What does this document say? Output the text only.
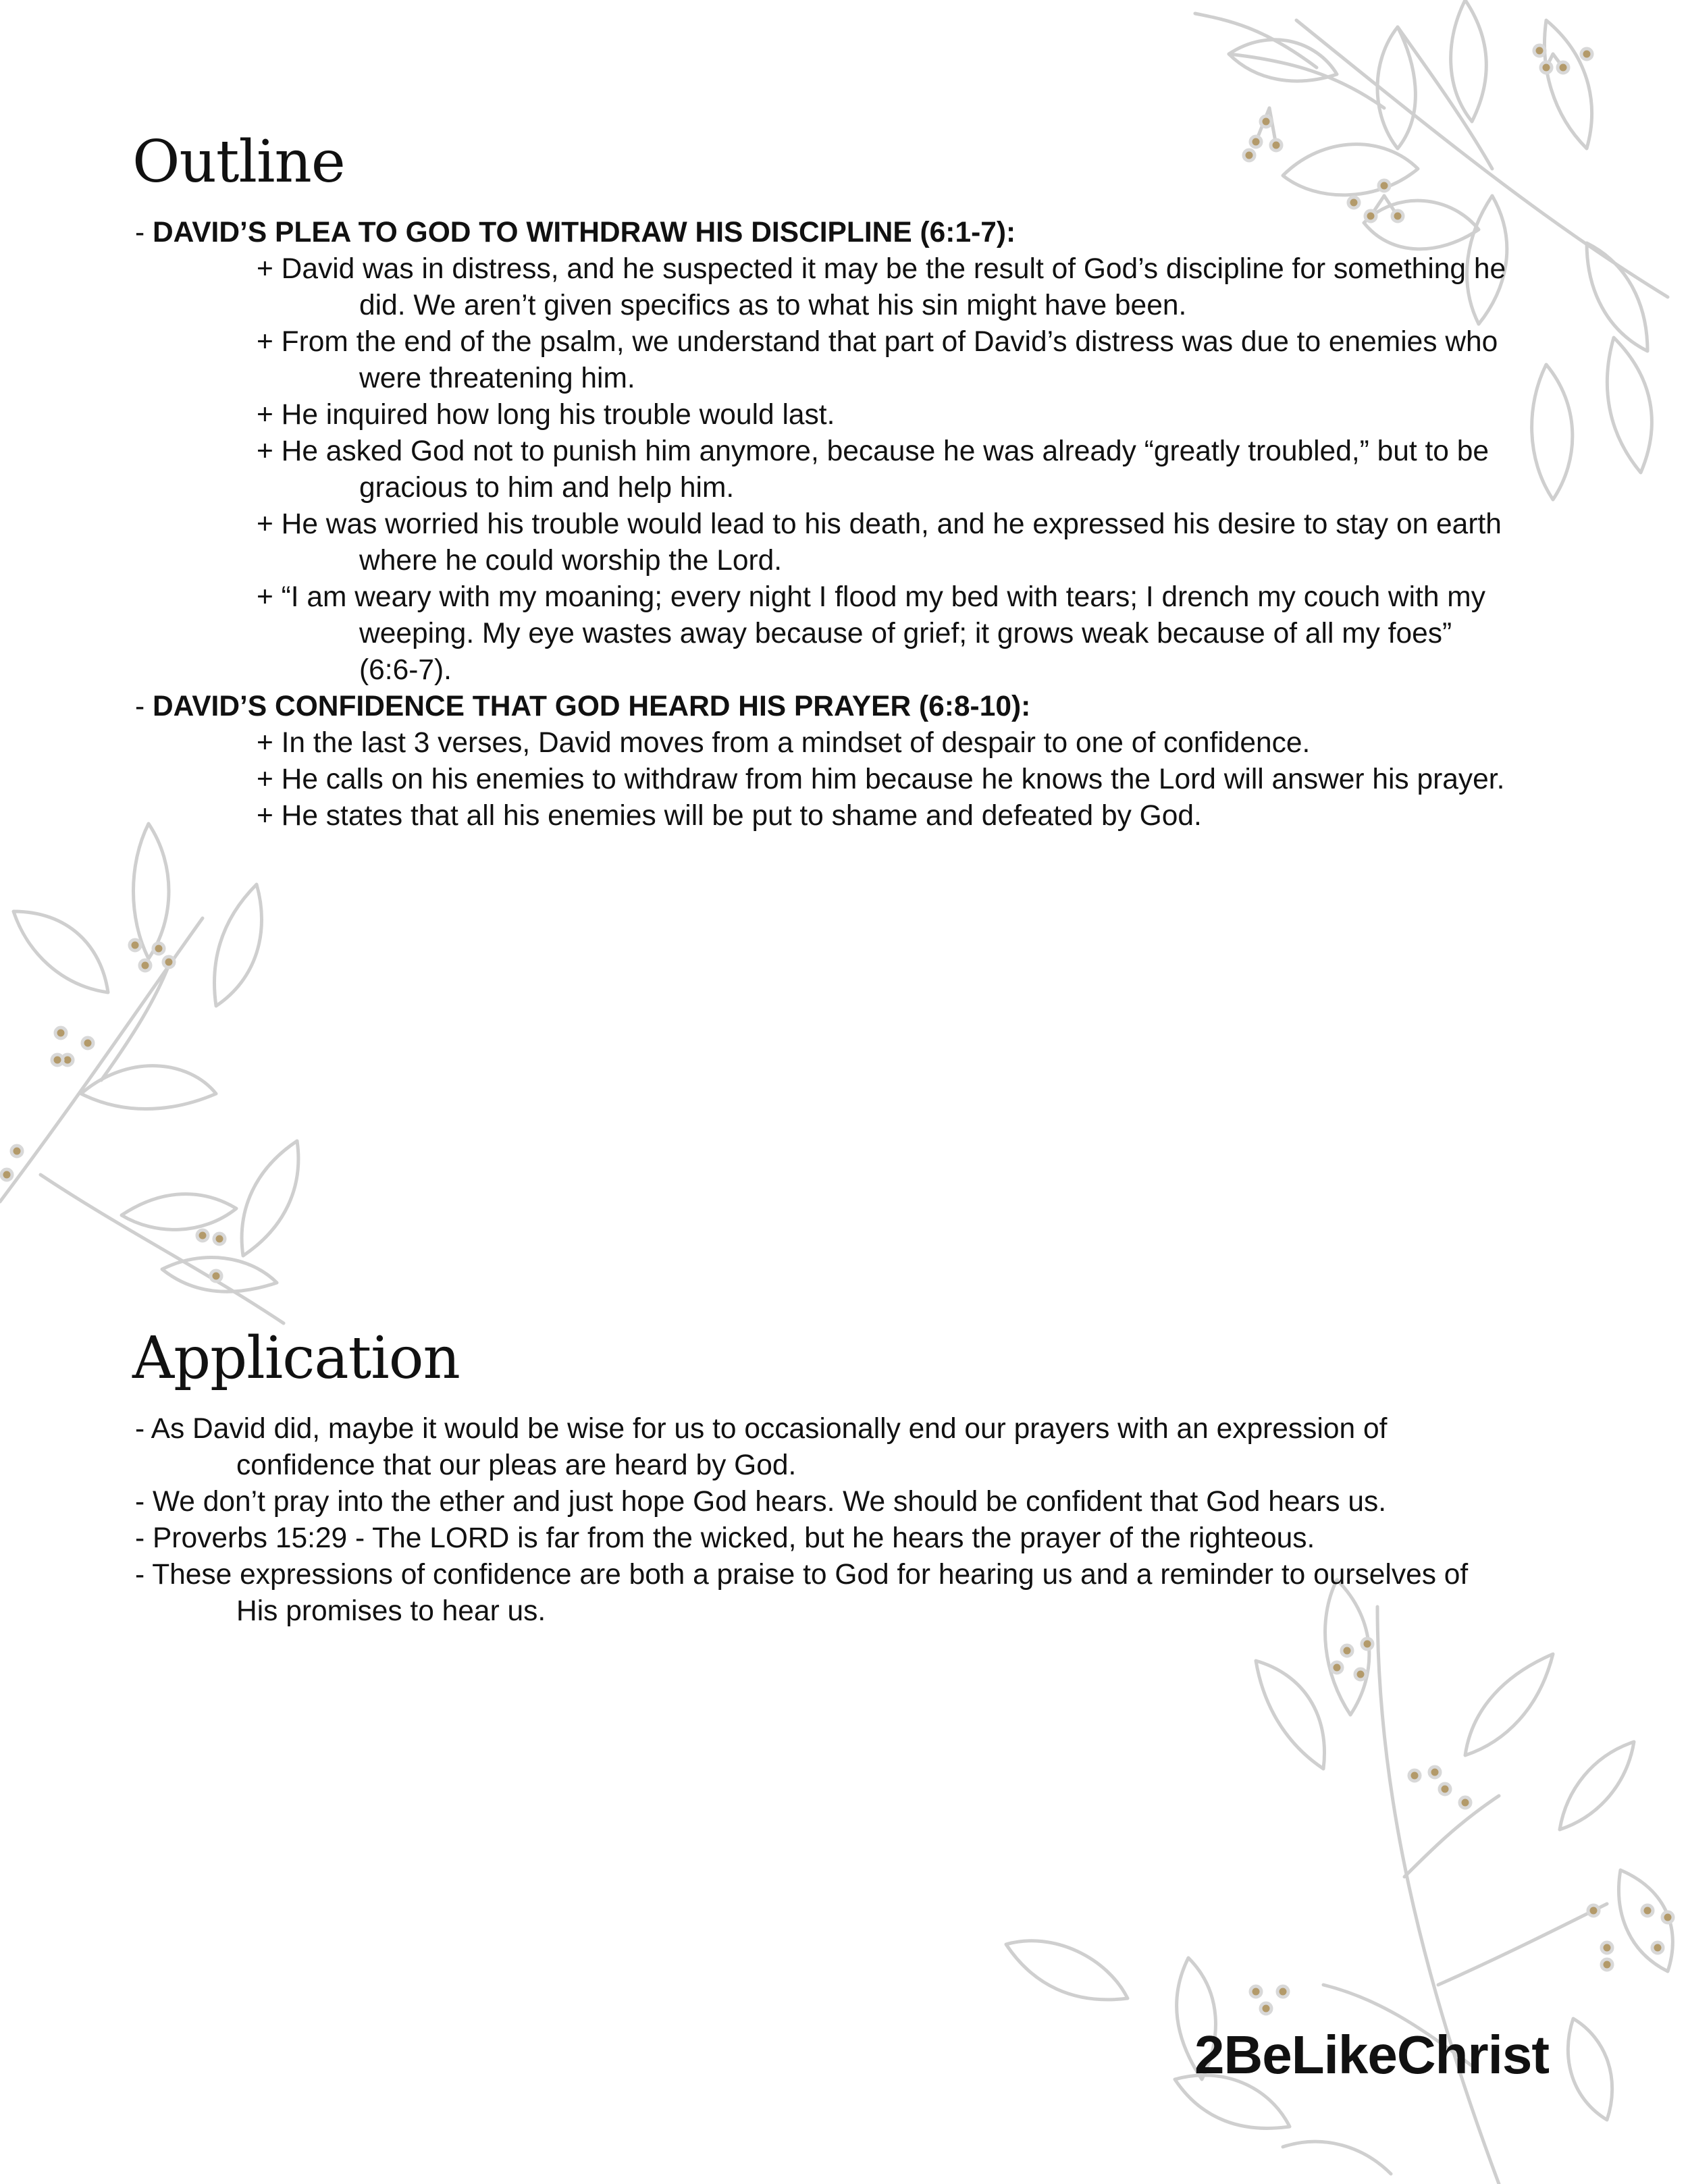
Outline

- DAVID’S PLEA TO GOD TO WITHDRAW HIS DISCIPLINE (6:1-7):

+ David was in distress, and he suspected it may be the result of God’s discipline for something he
did. We aren’t given specifics as to what his sin might have been.

+ From the end of the psalm, we understand that part of David’s distress was due to enemies who
were threatening him.

+ He inquired how long his trouble would last.

+ He asked God not to punish him anymore, because he was already “greatly troubled,” but to be
gracious to him and help him.

+ He was worried his trouble would lead to his death, and he expressed his desire to stay on earth
where he could worship the Lord.

+ “I am weary with my moaning; every night I flood my bed with tears; I drench my couch with my
weeping. My eye wastes away because of grief; it grows weak because of all my foes”
(6:6-7).

- DAVID’S CONFIDENCE THAT GOD HEARD HIS PRAYER (6:8-10):

+ In the last 3 verses, David moves from a mindset of despair to one of confidence.

+ He calls on his enemies to withdraw from him because he knows the Lord will answer his prayer.

+ He states that all his enemies will be put to shame and defeated by God.

Application

- As David did, maybe it would be wise for us to occasionally end our prayers with an expression of
confidence that our pleas are heard by God.

- We don’t pray into the ether and just hope God hears. We should be confident that God hears us.

- Proverbs 15:29 - The LORD is far from the wicked, but he hears the prayer of the righteous.

- These expressions of confidence are both a praise to God for hearing us and a reminder to ourselves of
His promises to hear us.

2BeLikeChrist
